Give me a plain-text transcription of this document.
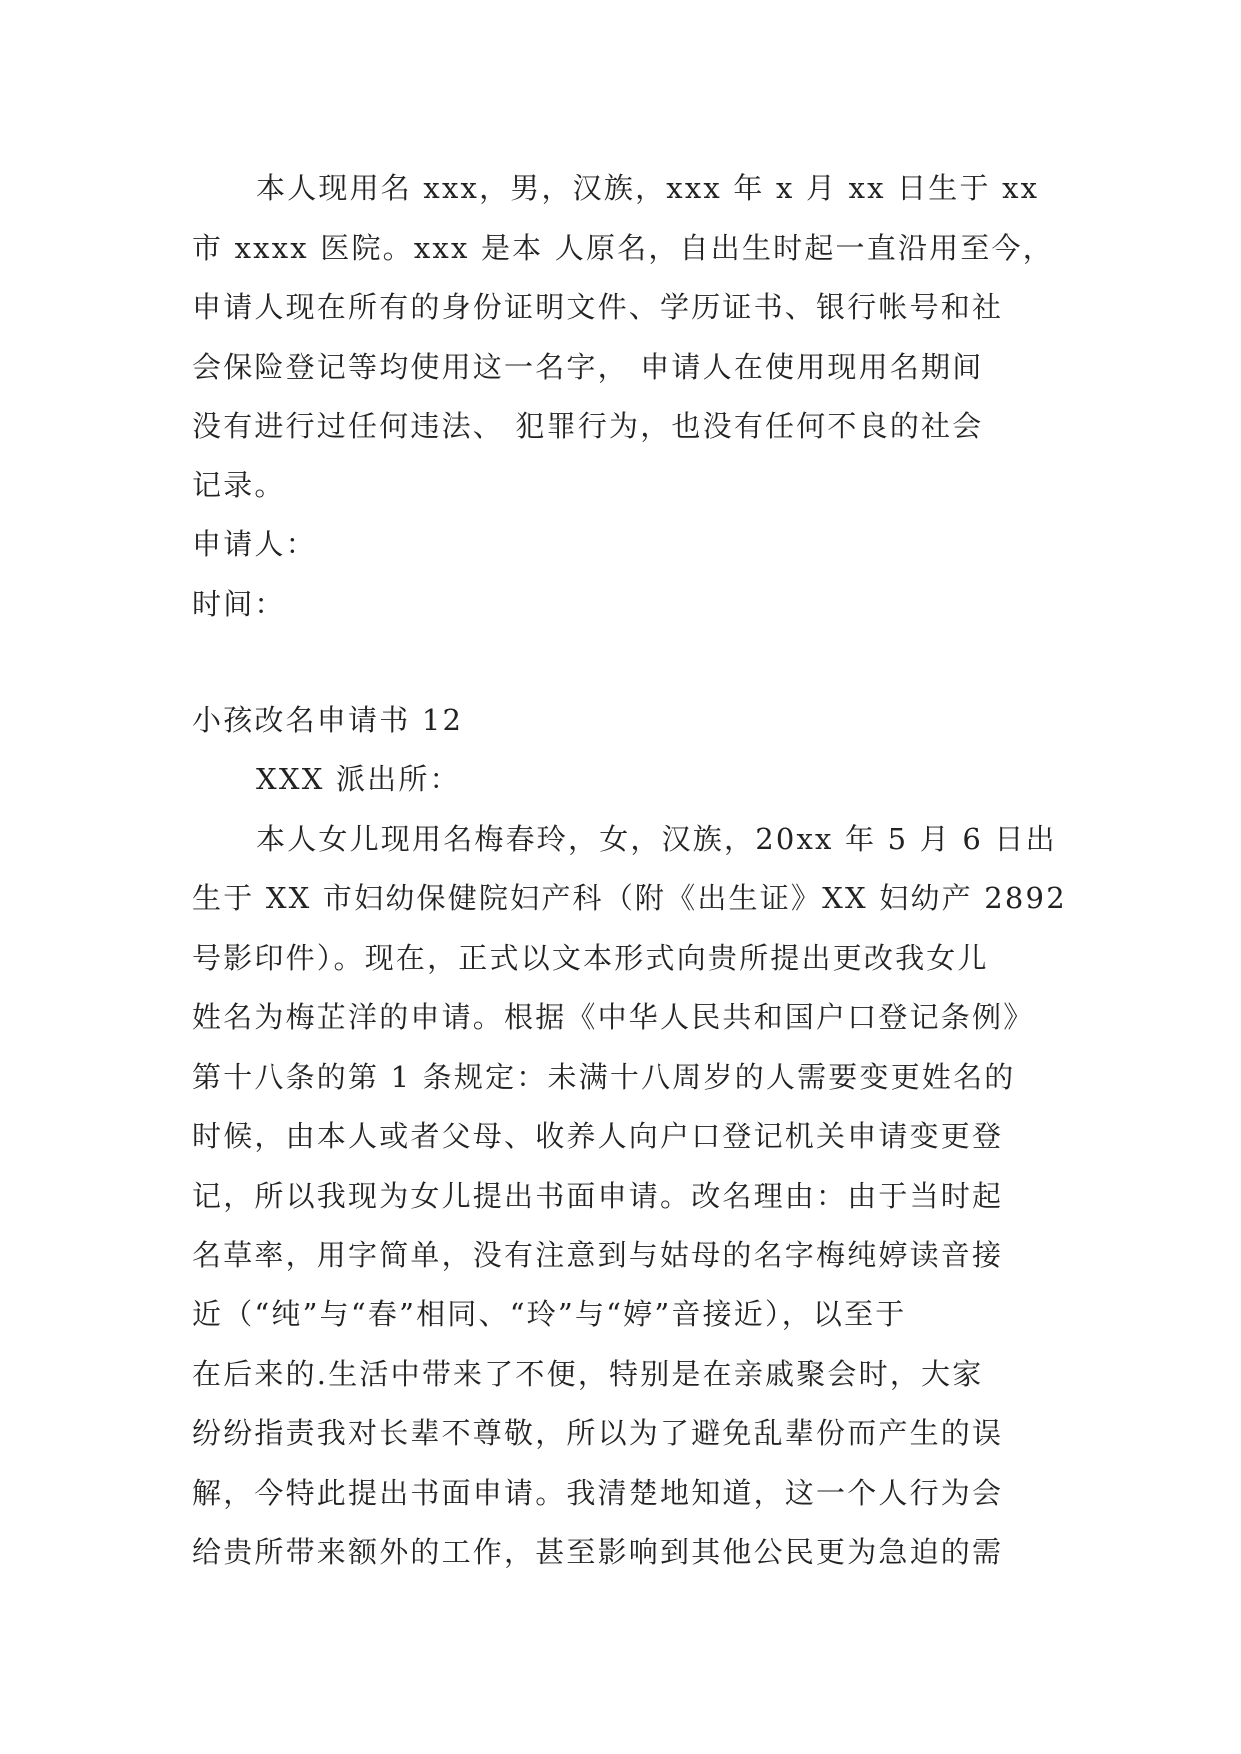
本人现用名 xxx，男，汉族，xxx 年 x 月 xx 日生于 xx
市 xxxx 医院。xxx 是本 人原名，自出生时起一直沿用至今，
申请人现在所有的身份证明文件、学历证书、银行帐号和社
会保险登记等均使用这一名字， 申请人在使用现用名期间
没有进行过任何违法、 犯罪行为，也没有任何不良的社会
记录。
申请人：
时间：
小孩改名申请书 12
XXX 派出所：
本人女儿现用名梅春玲，女，汉族，20xx 年 5 月 6 日出
生于 XX 市妇幼保健院妇产科（附《出生证》XX 妇幼产 2892
号影印件）。现在，正式以文本形式向贵所提出更改我女儿
姓名为梅芷洋的申请。根据《中华人民共和国户口登记条例》
第十八条的第 1 条规定：未满十八周岁的人需要变更姓名的
时候，由本人或者父母、收养人向户口登记机关申请变更登
记，所以我现为女儿提出书面申请。改名理由：由于当时起
名草率，用字简单，没有注意到与姑母的名字梅纯婷读音接
近（“纯”与“春”相同、“玲”与“婷”音接近），以至于
在后来的.生活中带来了不便，特别是在亲戚聚会时，大家
纷纷指责我对长辈不尊敬，所以为了避免乱辈份而产生的误
解，今特此提出书面申请。我清楚地知道，这一个人行为会
给贵所带来额外的工作，甚至影响到其他公民更为急迫的需
